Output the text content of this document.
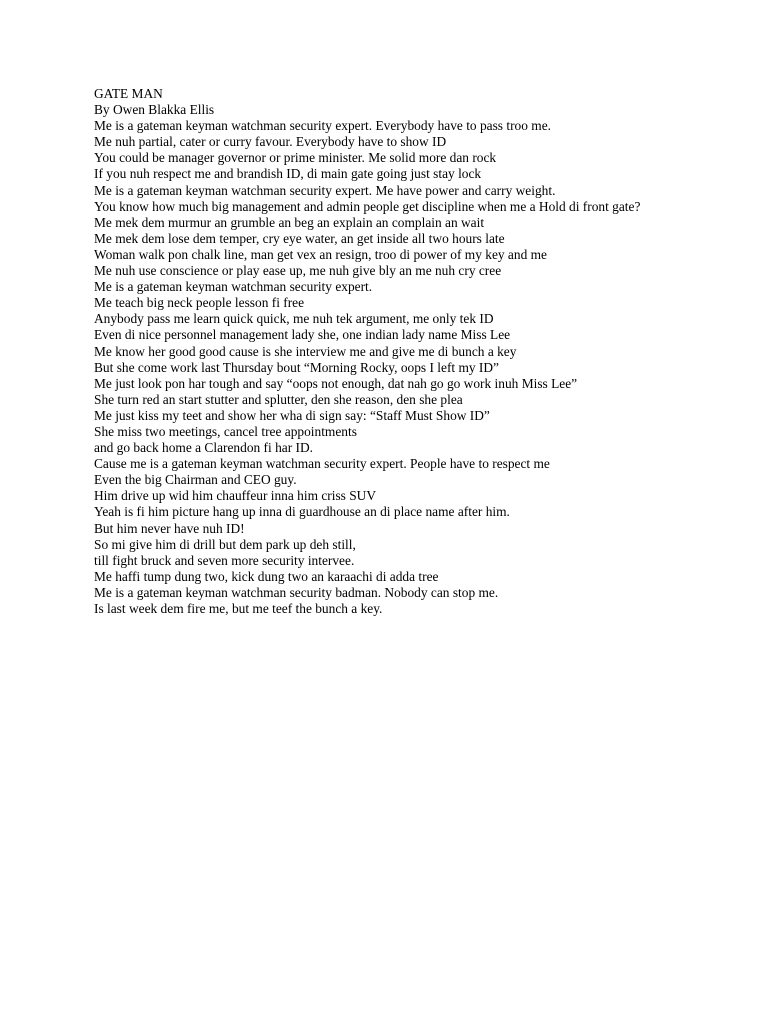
GATE MAN
By Owen Blakka Ellis
Me is a gateman keyman watchman security expert. Everybody have to pass troo me.
Me nuh partial, cater or curry favour. Everybody have to show ID
You could be manager governor or prime minister. Me solid more dan rock
If you nuh respect me and brandish ID, di main gate going just stay lock
Me is a gateman keyman watchman security expert. Me have power and carry weight.
You know how much big management and admin people get discipline when me a Hold di front gate?
Me mek dem murmur an grumble an beg an explain an complain an wait
Me mek dem lose dem temper, cry eye water, an get inside all two hours late
Woman walk pon chalk line, man get vex an resign, troo di power of my key and me
Me nuh use conscience or play ease up, me nuh give bly an me nuh cry cree
Me is a gateman keyman watchman security expert.
Me teach big neck people lesson fi free
Anybody pass me learn quick quick, me nuh tek argument, me only tek ID
Even di nice personnel management lady she, one indian lady name Miss Lee
Me know her good good cause is she interview me and give me di bunch a key
But she come work last Thursday bout “Morning Rocky, oops I left my ID”
Me just look pon har tough and say “oops not enough, dat nah go go work inuh Miss Lee”
She turn red an start stutter and splutter, den she reason, den she plea
Me just kiss my teet and show her wha di sign say: “Staff Must Show ID”
She miss two meetings, cancel tree appointments
and go back home a Clarendon fi har ID.
Cause me is a gateman keyman watchman security expert. People have to respect me
Even the big Chairman and CEO guy.
Him drive up wid him chauffeur inna him criss SUV
Yeah is fi him picture hang up inna di guardhouse an di place name after him.
But him never have nuh ID!
So mi give him di drill but dem park up deh still,
till fight bruck and seven more security intervee.
Me haffi tump dung two, kick dung two an karaachi di adda tree
Me is a gateman keyman watchman security badman. Nobody can stop me.
Is last week dem fire me, but me teef the bunch a key.
